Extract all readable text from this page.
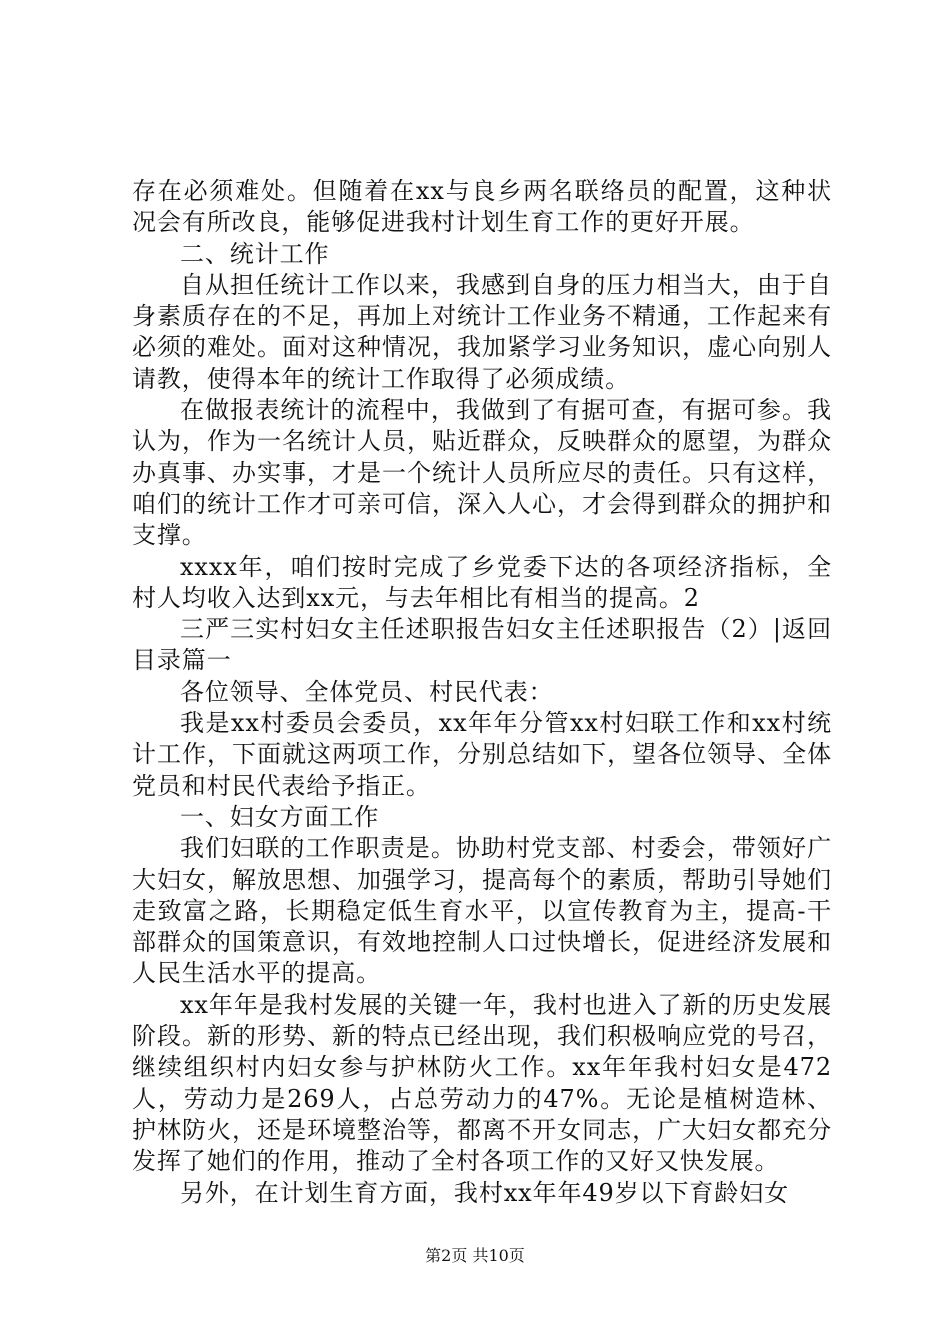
存在必须难处。但随着在xx与良乡两名联络员的配置，这种状况会有所改良，能够促进我村计划生育工作的更好开展。

二、统计工作

自从担任统计工作以来，我感到自身的压力相当大，由于自身素质存在的不足，再加上对统计工作业务不精通，工作起来有必须的难处。面对这种情况，我加紧学习业务知识，虚心向别人请教，使得本年的统计工作取得了必须成绩。

在做报表统计的流程中，我做到了有据可查，有据可参。我认为，作为一名统计人员，贴近群众，反映群众的愿望，为群众办真事、办实事，才是一个统计人员所应尽的责任。只有这样，咱们的统计工作才可亲可信，深入人心，才会得到群众的拥护和支撑。

xxxx年，咱们按时完成了乡党委下达的各项经济指标，全村人均收入达到xx元，与去年相比有相当的提高。2

三严三实村妇女主任述职报告妇女主任述职报告（2）|返回目录篇一

各位领导、全体党员、村民代表：

我是xx村委员会委员，xx年年分管xx村妇联工作和xx村统计工作，下面就这两项工作，分别总结如下，望各位领导、全体党员和村民代表给予指正。

一、妇女方面工作

我们妇联的工作职责是。协助村党支部、村委会，带领好广大妇女，解放思想、加强学习，提高每个的素质，帮助引导她们走致富之路，长期稳定低生育水平，以宣传教育为主，提高-干部群众的国策意识，有效地控制人口过快增长，促进经济发展和人民生活水平的提高。

xx年年是我村发展的关键一年，我村也进入了新的历史发展阶段。新的形势、新的特点已经出现，我们积极响应党的号召，继续组织村内妇女参与护林防火工作。xx年年我村妇女是472人，劳动力是269人，占总劳动力的47%。无论是植树造林、护林防火，还是环境整治等，都离不开女同志，广大妇女都充分发挥了她们的作用，推动了全村各项工作的又好又快发展。

另外，在计划生育方面，我村xx年年49岁以下育龄妇女

第2页 共10页
